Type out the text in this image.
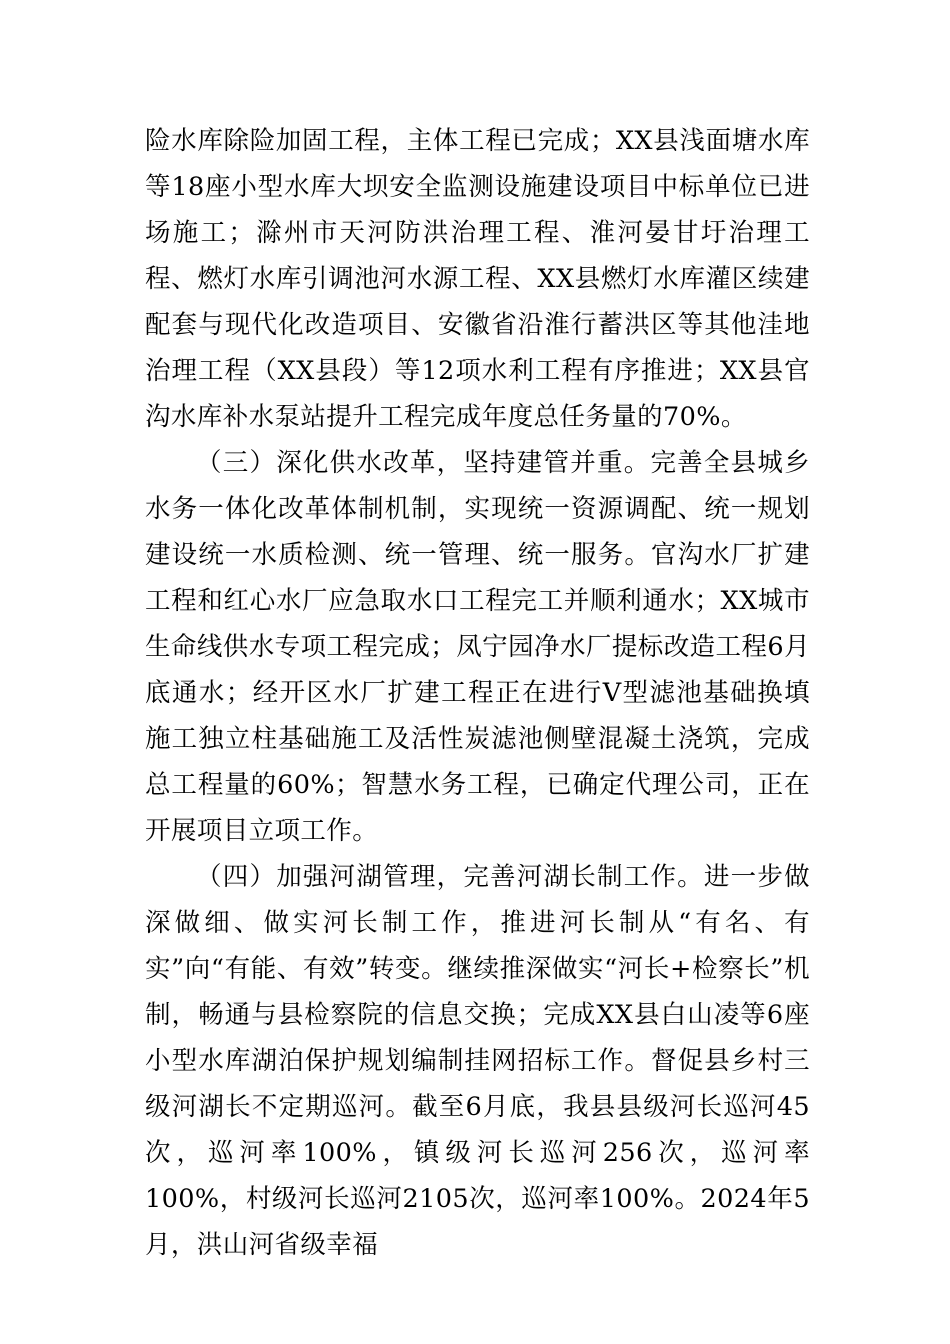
险水库除险加固工程，主体工程已完成；XX县浅面塘水库等18座小型水库大坝安全监测设施建设项目中标单位已进场施工；滁州市天河防洪治理工程、淮河晏甘圩治理工程、燃灯水库引调池河水源工程、XX县燃灯水库灌区续建配套与现代化改造项目、安徽省沿淮行蓄洪区等其他洼地治理工程（XX县段）等12项水利工程有序推进；XX县官沟水库补水泵站提升工程完成年度总任务量的70%。

（三）深化供水改革，坚持建管并重。完善全县城乡水务一体化改革体制机制，实现统一资源调配、统一规划建设统一水质检测、统一管理、统一服务。官沟水厂扩建工程和红心水厂应急取水口工程完工并顺利通水；XX城市生命线供水专项工程完成；凤宁园净水厂提标改造工程6月底通水；经开区水厂扩建工程正在进行V型滤池基础换填施工独立柱基础施工及活性炭滤池侧壁混凝土浇筑，完成总工程量的60%；智慧水务工程，已确定代理公司，正在开展项目立项工作。

（四）加强河湖管理，完善河湖长制工作。进一步做深做细、做实河长制工作，推进河长制从“有名、有实”向“有能、有效”转变。继续推深做实“河长+检察长”机制，畅通与县检察院的信息交换；完成XX县白山凌等6座小型水库湖泊保护规划编制挂网招标工作。督促县乡村三级河湖长不定期巡河。截至6月底，我县县级河长巡河45次，巡河率100%，镇级河长巡河256次，巡河率100%，村级河长巡河2105次，巡河率100%。2024年5月，洪山河省级幸福
